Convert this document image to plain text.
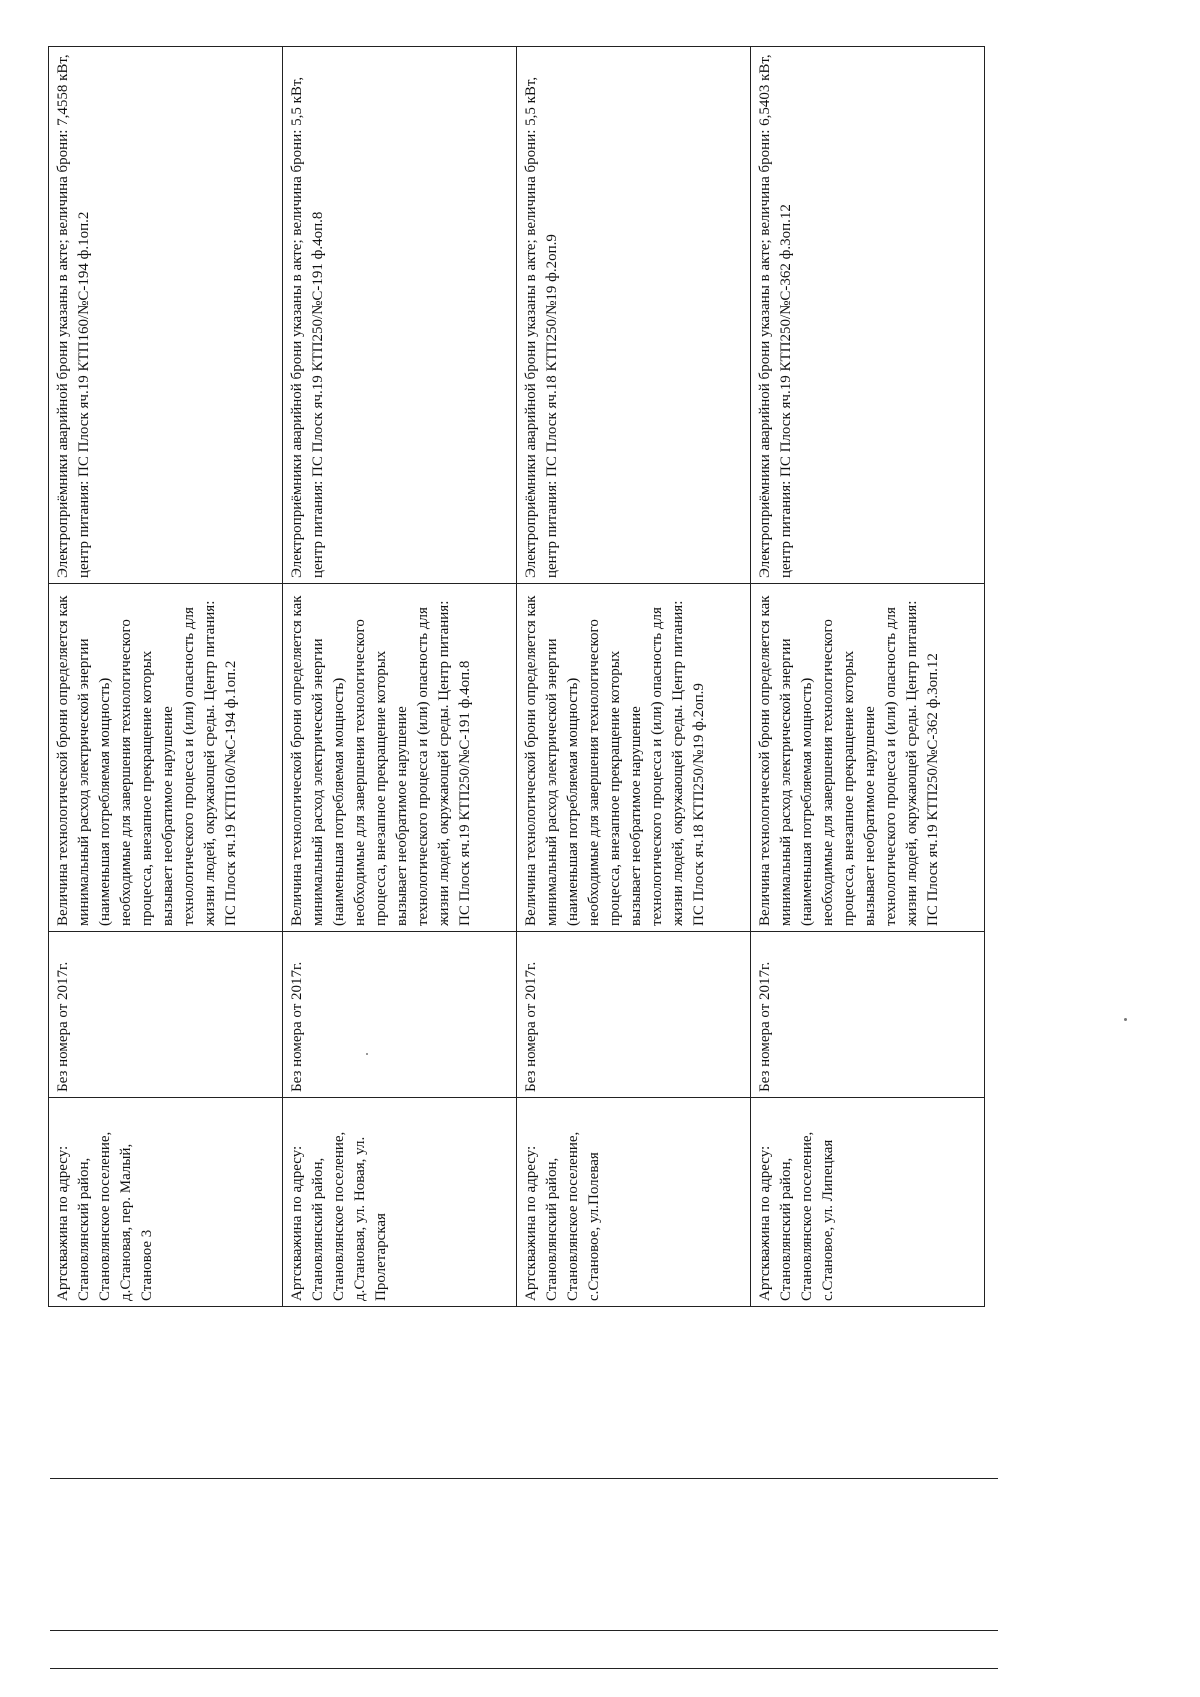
Артскважина по адресу: Становлянский район, Становлянское поселение, д.Становая, пер. Малый, Становое 3	Без номера от 2017г.	Величина технологической брони определяется как минимальный расход электрической энергии (наименьшая потребляемая мощность) необходимые для завершения технологического процесса, внезапное прекращение которых вызывает необратимое нарушение технологического процесса и (или) опасность для жизни людей, окружающей среды. Центр питания: ПС Плоск яч.19 КТП160/№С-194 ф.1оп.2	Электроприёмники аварийной брони указаны в акте; величина брони: 7,4558 кВт, центр питания: ПС Плоск яч.19 КТП160/№С-194 ф.1оп.2
Артскважина по адресу: Становлянский район, Становлянское поселение, д.Становая, ул. Новая, ул. Пролетарская	Без номера от 2017г.	Величина технологической брони определяется как минимальный расход электрической энергии (наименьшая потребляемая мощность) необходимые для завершения технологического процесса, внезапное прекращение которых вызывает необратимое нарушение технологического процесса и (или) опасность для жизни людей, окружающей среды. Центр питания: ПС Плоск яч.19 КТП250/№С-191 ф.4оп.8	Электроприёмники аварийной брони указаны в акте; величина брони: 5,5 кВт, центр питания: ПС Плоск яч.19 КТП250/№С-191 ф.4оп.8
Артскважина по адресу: Становлянский район, Становлянское поселение, с.Становое, ул.Полевая	Без номера от 2017г.	Величина технологической брони определяется как минимальный расход электрической энергии (наименьшая потребляемая мощность) необходимые для завершения технологического процесса, внезапное прекращение которых вызывает необратимое нарушение технологического процесса и (или) опасность для жизни людей, окружающей среды. Центр питания: ПС Плоск яч.18 КТП250/№19 ф.2оп.9	Электроприёмники аварийной брони указаны в акте; величина брони: 5,5 кВт, центр питания: ПС Плоск яч.18 КТП250/№19 ф.2оп.9
Артскважина по адресу: Становлянский район, Становлянское поселение, с.Становое, ул. Липецкая	Без номера от 2017г.	Величина технологической брони определяется как минимальный расход электрической энергии (наименьшая потребляемая мощность) необходимые для завершения технологического процесса, внезапное прекращение которых вызывает необратимое нарушение технологического процесса и (или) опасность для жизни людей, окружающей среды. Центр питания: ПС Плоск яч.19 КТП250/№С-362 ф.3оп.12	Электроприёмники аварийной брони указаны в акте; величина брони: 6,5403 кВт, центр питания: ПС Плоск яч.19 КТП250/№С-362 ф.3оп.12
